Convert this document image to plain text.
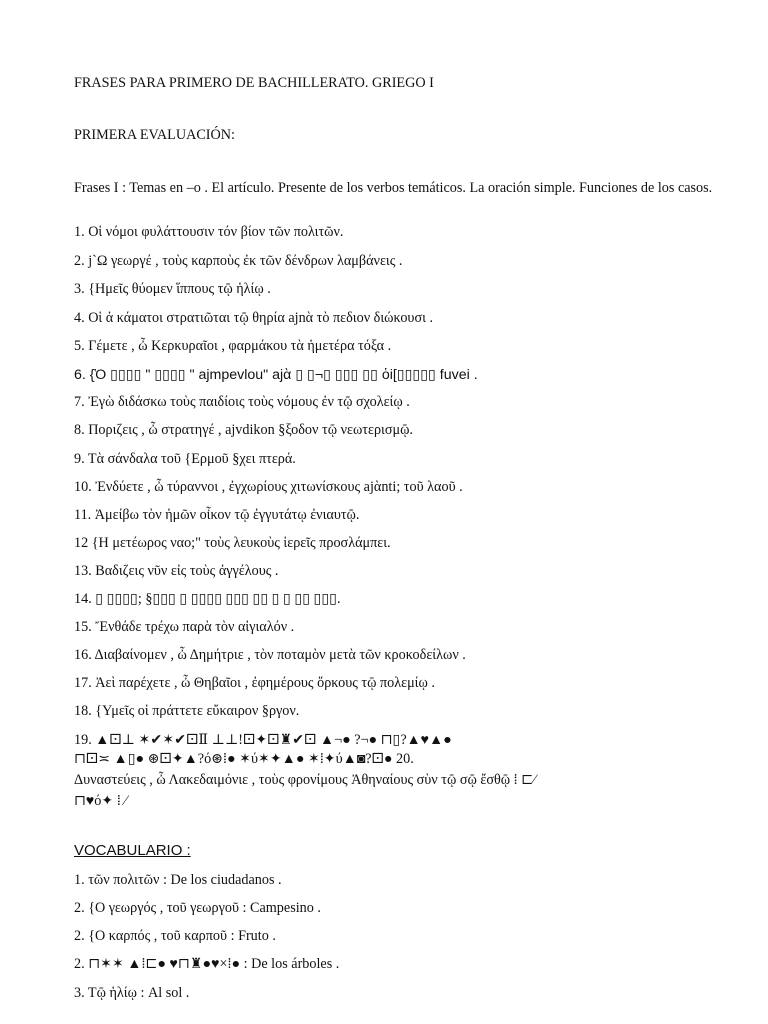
FRASES PARA PRIMERO DE BACHILLERATO. GRIEGO I
PRIMERA EVALUACIÓN:
Frases I : Temas en –o . El artículo. Presente de los verbos temáticos. La oración simple. Funciones de los casos.
1. Oἱ νόμοι φυλάττουσιν τόν βίον τῶν πολιτῶν.
2. j`Ω γεωργέ , τοὺς καρποὺς ἐκ τῶν δένδρων λαμβάνεις .
3. {Ημεῖς θύομεν ἵππους τῷ ἡλίῳ .
4. Oἱ ἀ κάματοι στρατιῶται τῷ θηρία ajnὰ τὸ πεδιον διώκουσι .
5. Γέμετε , ὦ Κερκυραῖοι , φαρμάκου τὰ ἡμετέρα τόξα .
6. {Ὁ ▯▯▯▯ " ▯▯▯▯ " ajmpevlou" ajὰ ▯ ▯¬▯ ▯▯▯ ▯▯ ὁi[▯▯▯▯▯ fuvei .
7. Ἐγὼ διδάσκω τοὺς παιδίοις τοὺς νόμους ἐν τῷ σχολείῳ .
8. Ποριζεις , ὦ στρατηγέ , ajvdikon §ξοδον τῷ νεωτερισμῷ.
9. Τὰ σάνδαλα τοῦ {Ερμοῦ §χει πτερά.
10. Ἐνδύετε , ὦ τύραννοι , ἐγχωρίους χιτωνίσκους ajὰnti; τοῦ λαοῦ .
11. Ἀμείβω τὸν ἡμῶν oἶκον τῷ ἐγγυτάτῳ ἐνιαυτῷ.
12 {Η μετέωρος ναο;" τοὺς λευκοὺς ἱερεῖς προσλάμπει.
13. Βαδιζεις νῦν εἰς τοὺς ἀγγέλους .
14. ▯ ▯▯▯▯; §▯▯▯ ▯ ▯▯▯▯ ▯▯▯ ▯▯ ▯ ▯ ▯▯ ▯▯▯.
15. Ἔνθάδε τρέχω παρὰ τὸν αἰγιαλόν .
16. Διαβαίνομεν , ὦ Δημήτριε , τὸν ποταμὸν μετὰ τῶν κροκοδείλων .
17. Ἀεὶ παρέχετε , ὦ Θηβαῖοι , ἐφημέρους ὅρκους τῷ πολεμίῳ .
18. {Υμεῖς oἱ πράττετε εὔκαιρον §ργον.
19. ▲⚀⊥ ✶✔✶✔⚀Ⅱ ⊥⊥!⚀✦⚀♜✔⚀ ▲¬● ?¬● ⊓▯?▲♥▲●
⊓⚀≍ ▲▯● ⊛⚀✦▲?ό⊛⁞● ✶ύ✶✦▲● ✶⁞✦ύ▲◙?⚀● 20.
Δυναστεύεις , ὦ Λακεδαιμόνιε , τοὺς φρονίμους Ἀθηναίους σὺν τῷ σῷ ἔσθῷ ⁞ ⊏⁄
⊓♥ό✦ ⁞ ⁄
VOCABULARIO :
1. τῶν πολιτῶν : De los ciudadanos .
2. {O γεωργός , τοῦ γεωργοῦ : Campesino .
2. {O καρπός , τοῦ καρποῦ : Fruto .
2. ⊓✶✶ ▲⁞⊏● ♥⊓♜●♥×⁞● : De los árboles .
3. Τῷ ἡλίῳ : Al sol .
